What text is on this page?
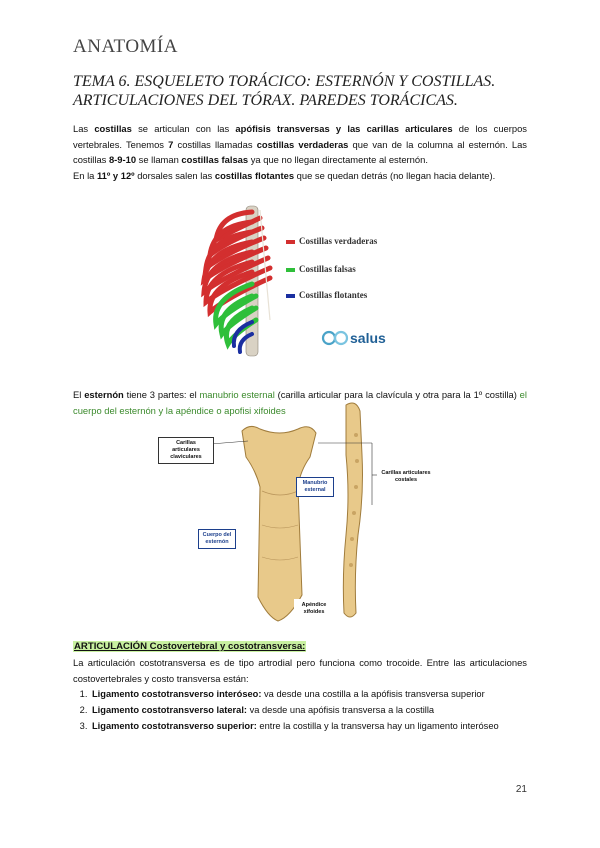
ANATOMÍA
TEMA 6. ESQUELETO TORÁCICO: ESTERNÓN Y COSTILLAS. ARTICULACIONES DEL TÓRAX. PAREDES TORÁCICAS.

Las costillas se articulan con las apófisis transversas y las carillas articulares de los cuerpos vertebrales. Tenemos 7 costillas llamadas costillas verdaderas que van de la columna al esternón. Las costillas 8-9-10 se llaman costillas falsas ya que no llegan directamente al esternón.
En la 11º y 12º dorsales salen las costillas flotantes que se quedan detrás (no llegan hacia delante).

Costillas verdaderas
Costillas falsas
Costillas flotantes
salus

El esternón tiene 3 partes: el manubrio esternal (carilla articular para la clavícula y otra para la 1º costilla) el cuerpo del esternón y la apéndice o apofisi xifoides

Carillas articulares claviculares
Carillas articulares costales
Manubrio esternal
Cuerpo del esternón
Apéndice xifoides
ARTICULACIÓN Costovertebral y costotransversa:

La articulación costotransversa es de tipo artrodial pero funciona como trocoide. Entre las articulaciones costovertebrales y costo transversa están:

1. Ligamento costotransverso interóseo: va desde una costilla a la apófisis transversa superior
2. Ligamento costotransverso lateral: va desde una apófisis transversa a la costilla
3. Ligamento costotransverso superior: entre la costilla y la transversa hay un ligamento interóseo
21
